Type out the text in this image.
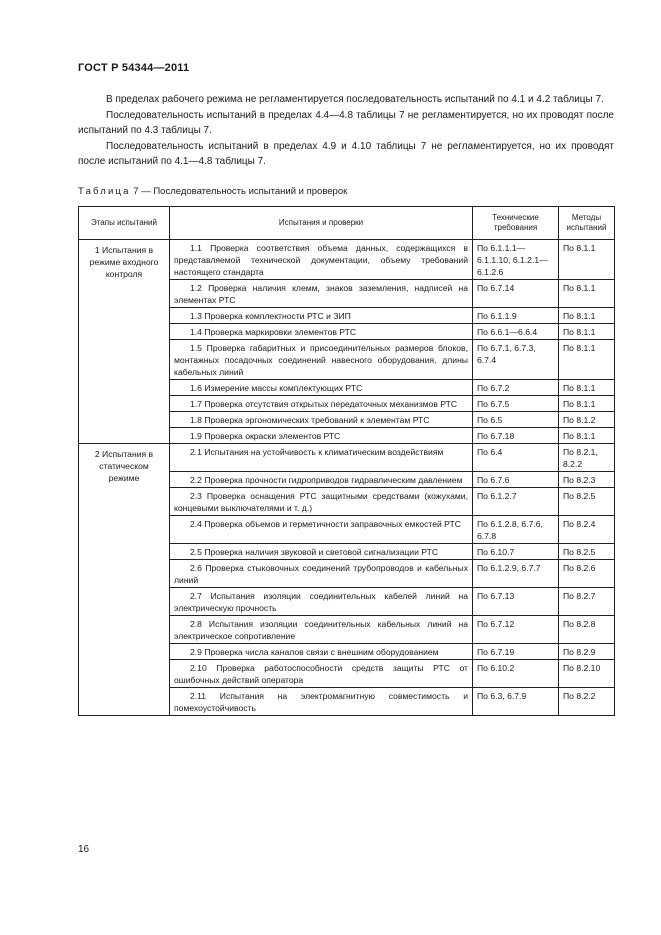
ГОСТ Р 54344—2011

В пределах рабочего режима не регламентируется последовательность испытаний по 4.1 и 4.2 таблицы 7.

Последовательность испытаний в пределах 4.4—4.8 таблицы 7 не регламентируется, но их проводят после испытаний по 4.3 таблицы 7.

Последовательность испытаний в пределах 4.9 и 4.10 таблицы 7 не регламентируется, но их проводят после испытаний по 4.1—4.8 таблицы 7.

Таблица 7 — Последовательность испытаний и проверок
Этапы испытаний	Испытания и проверки	Технические требования	Методы испытаний
1 Испытания в режиме входного контроля	1.1 Проверка соответствия объема данных, содержащихся в представляемой технической документации, объему требований настоящего стандарта	По 6.1.1.1—6.1.1.10, 6.1.2.1—6.1.2.6	По 8.1.1
	1.2 Проверка наличия клемм, знаков заземления, надписей на элементах РТС	По 6.7.14	По 8.1.1
	1.3 Проверка комплектности РТС и ЗИП	По 6.1.1.9	По 8.1.1
	1.4 Проверка маркировки элементов РТС	По 6.6.1—6.6.4	По 8.1.1
	1.5 Проверка габаритных и присоединительных размеров блоков, монтажных посадочных соединений навесного оборудования, длины кабельных линий	По 6.7.1, 6.7.3, 6.7.4	По 8.1.1
	1.6 Измерение массы комплектующих РТС	По 6.7.2	По 8.1.1
	1.7 Проверка отсутствия открытых передаточных механизмов РТС	По 6.7.5	По 8.1.1
	1.8 Проверка эргономических требований к элементам РТС	По 6.5	По 8.1.2
	1.9 Проверка окраски элементов РТС	По 6.7.18	По 8.1.1
2 Испытания в статическом режиме	2.1 Испытания на устойчивость к климатическим воздействиям	По 6.4	По 8.2.1, 8.2.2
	2.2 Проверка прочности гидроприводов гидравлическим давлением	По 6.7.6	По 8.2.3
	2.3 Проверка оснащения РТС защитными средствами (кожухами, концевыми выключателями и т. д.)	По 6.1.2.7	По 8.2.5
	2.4 Проверка объемов и герметичности заправочных емкостей РТС	По 6.1.2.8, 6.7.6, 6.7.8	По 8.2.4
	2.5 Проверка наличия звуковой и световой сигнализации РТС	По 6.10.7	По 8.2.5
	2.6 Проверка стыковочных соединений трубопроводов и кабельных линий	По 6.1.2.9, 6.7.7	По 8.2.6
	2.7 Испытания изоляции соединительных кабелей линий на электрическую прочность	По 6.7.13	По 8.2.7
	2.8 Испытания изоляции соединительных кабельных линий на электрическое сопротивление	По 6.7.12	По 8.2.8
	2.9 Проверка числа каналов связи с внешним оборудованием	По 6.7.19	По 8.2.9
	2.10 Проверка работоспособности средств защиты РТС от ошибочных действий оператора	По 6.10.2	По 8.2.10
	2.11 Испытания на электромагнитную совместимость и помехоустойчивость	По 6.3, 6.7.9	По 8.2.2
16
